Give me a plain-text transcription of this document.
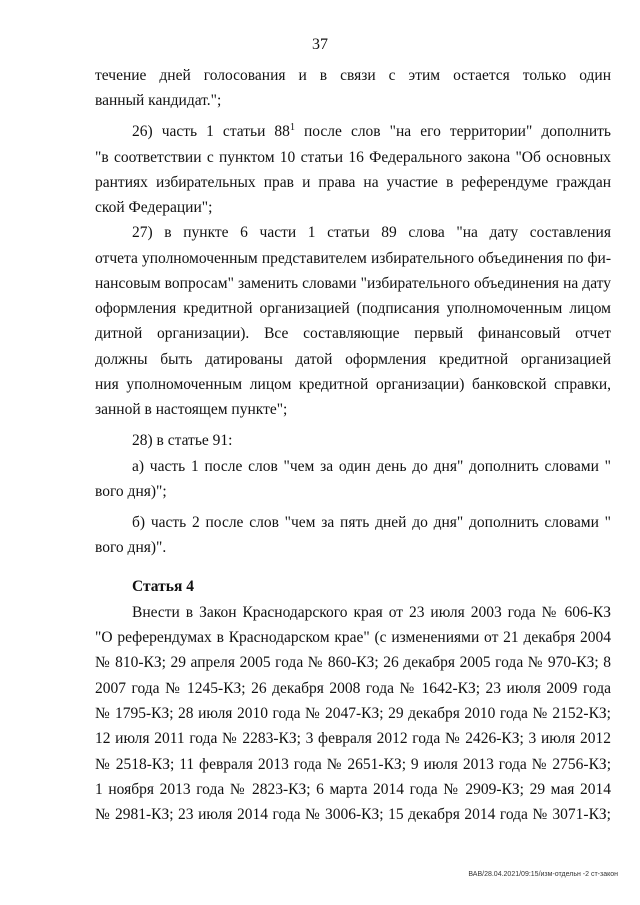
37
течение дней голосования и в связи с этим остается только один
ванный кандидат.";
26) часть 1 статьи $88^1$ после слов "на его территории" дополнить
"в соответствии с пунктом 10 статьи 16 Федерального закона "Об основных
рантиях избирательных прав и права на участие в референдуме граждан
ской Федерации";
27) в пункте 6 части 1 статьи 89 слова "на дату составления
отчета уполномоченным представителем избирательного объединения по фи-
нансовым вопросам" заменить словами "избирательного объединения на дату
оформления кредитной организацией (подписания уполномоченным лицом
дитной организации). Все составляющие первый финансовый отчет
должны быть датированы датой оформления кредитной организацией
ния уполномоченным лицом кредитной организации) банковской справки,
занной в настоящем пункте";
28) в статье 91:
а) часть 1 после слов "чем за один день до дня" дополнить словами "
вого дня)";
б) часть 2 после слов "чем за пять дней до дня" дополнить словами "
вого дня)".
Статья 4
Внести в Закон Краснодарского края от 23 июля 2003 года № 606-КЗ
"О референдумах в Краснодарском крае" (с изменениями от 21 декабря 2004
№ 810-КЗ; 29 апреля 2005 года № 860-КЗ; 26 декабря 2005 года № 970-КЗ; 8
2007 года № 1245-КЗ; 26 декабря 2008 года № 1642-КЗ; 23 июля 2009 года
№ 1795-КЗ; 28 июля 2010 года № 2047-КЗ; 29 декабря 2010 года № 2152-КЗ;
12 июля 2011 года № 2283-КЗ; 3 февраля 2012 года № 2426-КЗ; 3 июля 2012
№ 2518-КЗ; 11 февраля 2013 года № 2651-КЗ; 9 июля 2013 года № 2756-КЗ;
1 ноября 2013 года № 2823-КЗ; 6 марта 2014 года № 2909-КЗ; 29 мая 2014
№ 2981-КЗ; 23 июля 2014 года № 3006-КЗ; 15 декабря 2014 года № 3071-КЗ;
ВАВ/28.04.2021/09:15/изм-отдельн -2 ст-закон
